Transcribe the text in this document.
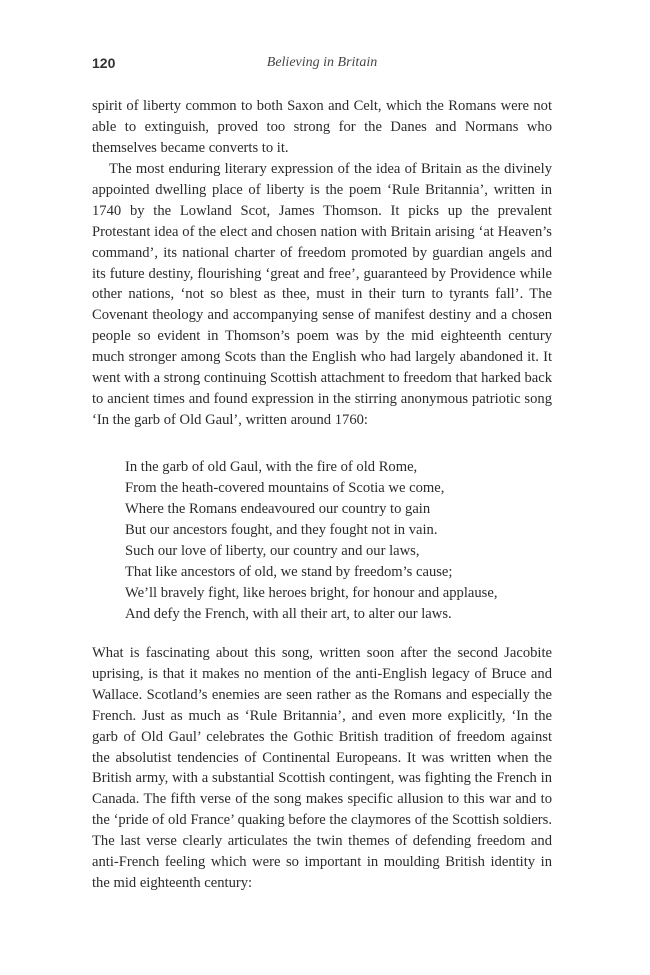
120	Believing in Britain

spirit of liberty common to both Saxon and Celt, which the Romans were not able to extinguish, proved too strong for the Danes and Normans who themselves became converts to it.

The most enduring literary expression of the idea of Britain as the divinely appointed dwelling place of liberty is the poem ‘Rule Britannia’, written in 1740 by the Lowland Scot, James Thomson. It picks up the prevalent Protestant idea of the elect and chosen nation with Britain arising ‘at Heaven’s command’, its national charter of freedom promoted by guardian angels and its future destiny, flourishing ‘great and free’, guaranteed by Providence while other nations, ‘not so blest as thee, must in their turn to tyrants fall’. The Covenant theology and accompanying sense of manifest destiny and a chosen people so evident in Thomson’s poem was by the mid eighteenth century much stronger among Scots than the English who had largely abandoned it. It went with a strong continuing Scottish attachment to freedom that harked back to ancient times and found expression in the stirring anonymous patriotic song ‘In the garb of Old Gaul’, written around 1760:

In the garb of old Gaul, with the fire of old Rome,
From the heath-covered mountains of Scotia we come,
Where the Romans endeavoured our country to gain
But our ancestors fought, and they fought not in vain.
Such our love of liberty, our country and our laws,
That like ancestors of old, we stand by freedom’s cause;
We’ll bravely fight, like heroes bright, for honour and applause,
And defy the French, with all their art, to alter our laws.

What is fascinating about this song, written soon after the second Jacobite uprising, is that it makes no mention of the anti-English legacy of Bruce and Wallace. Scotland’s enemies are seen rather as the Romans and especially the French. Just as much as ‘Rule Britannia’, and even more explicitly, ‘In the garb of Old Gaul’ celebrates the Gothic British tradition of freedom against the absolutist tendencies of Continental Europeans. It was written when the British army, with a substantial Scottish contingent, was fighting the French in Canada. The fifth verse of the song makes specific allusion to this war and to the ‘pride of old France’ quaking before the claymores of the Scottish soldiers. The last verse clearly articulates the twin themes of defending freedom and anti-French feeling which were so important in moulding British identity in the mid eighteenth century:
